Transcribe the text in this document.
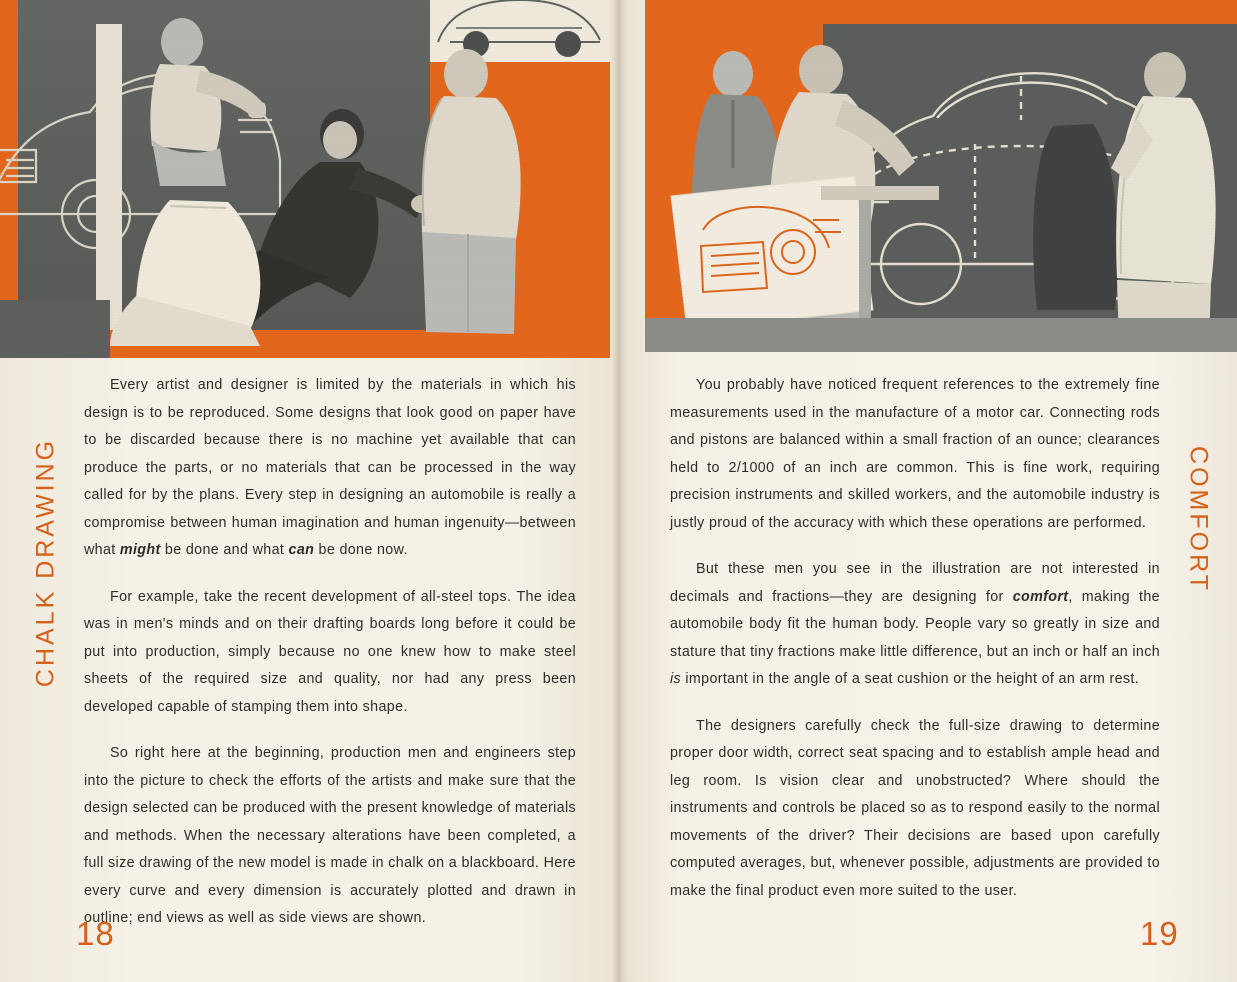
CHALK DRAWING	COMFORT

Every artist and designer is limited by the materials in which his design is to be reproduced. Some designs that look good on paper have to be discarded because there is no machine yet available that can produce the parts, or no materials that can be processed in the way called for by the plans. Every step in designing an automobile is really a compromise between human imagination and human ingenuity—between what might be done and what can be done now.

For example, take the recent development of all-steel tops. The idea was in men's minds and on their drafting boards long before it could be put into production, simply because no one knew how to make steel sheets of the required size and quality, nor had any press been developed capable of stamping them into shape.

So right here at the beginning, production men and engineers step into the picture to check the efforts of the artists and make sure that the design selected can be produced with the present knowledge of materials and methods. When the necessary alterations have been completed, a full size drawing of the new model is made in chalk on a blackboard. Here every curve and every dimension is accurately plotted and drawn in outline; end views as well as side views are shown.

You probably have noticed frequent references to the extremely fine measurements used in the manufacture of a motor car. Connecting rods and pistons are balanced within a small fraction of an ounce; clearances held to 2/1000 of an inch are common. This is fine work, requiring precision instruments and skilled workers, and the automobile industry is justly proud of the accuracy with which these operations are performed.

But these men you see in the illustration are not interested in decimals and fractions—they are designing for comfort, making the automobile body fit the human body. People vary so greatly in size and stature that tiny fractions make little difference, but an inch or half an inch is important in the angle of a seat cushion or the height of an arm rest.

The designers carefully check the full-size drawing to determine proper door width, correct seat spacing and to establish ample head and leg room. Is vision clear and unobstructed? Where should the instruments and controls be placed so as to respond easily to the normal movements of the driver? Their decisions are based upon carefully computed averages, but, whenever possible, adjustments are provided to make the final product even more suited to the user.

18	19
